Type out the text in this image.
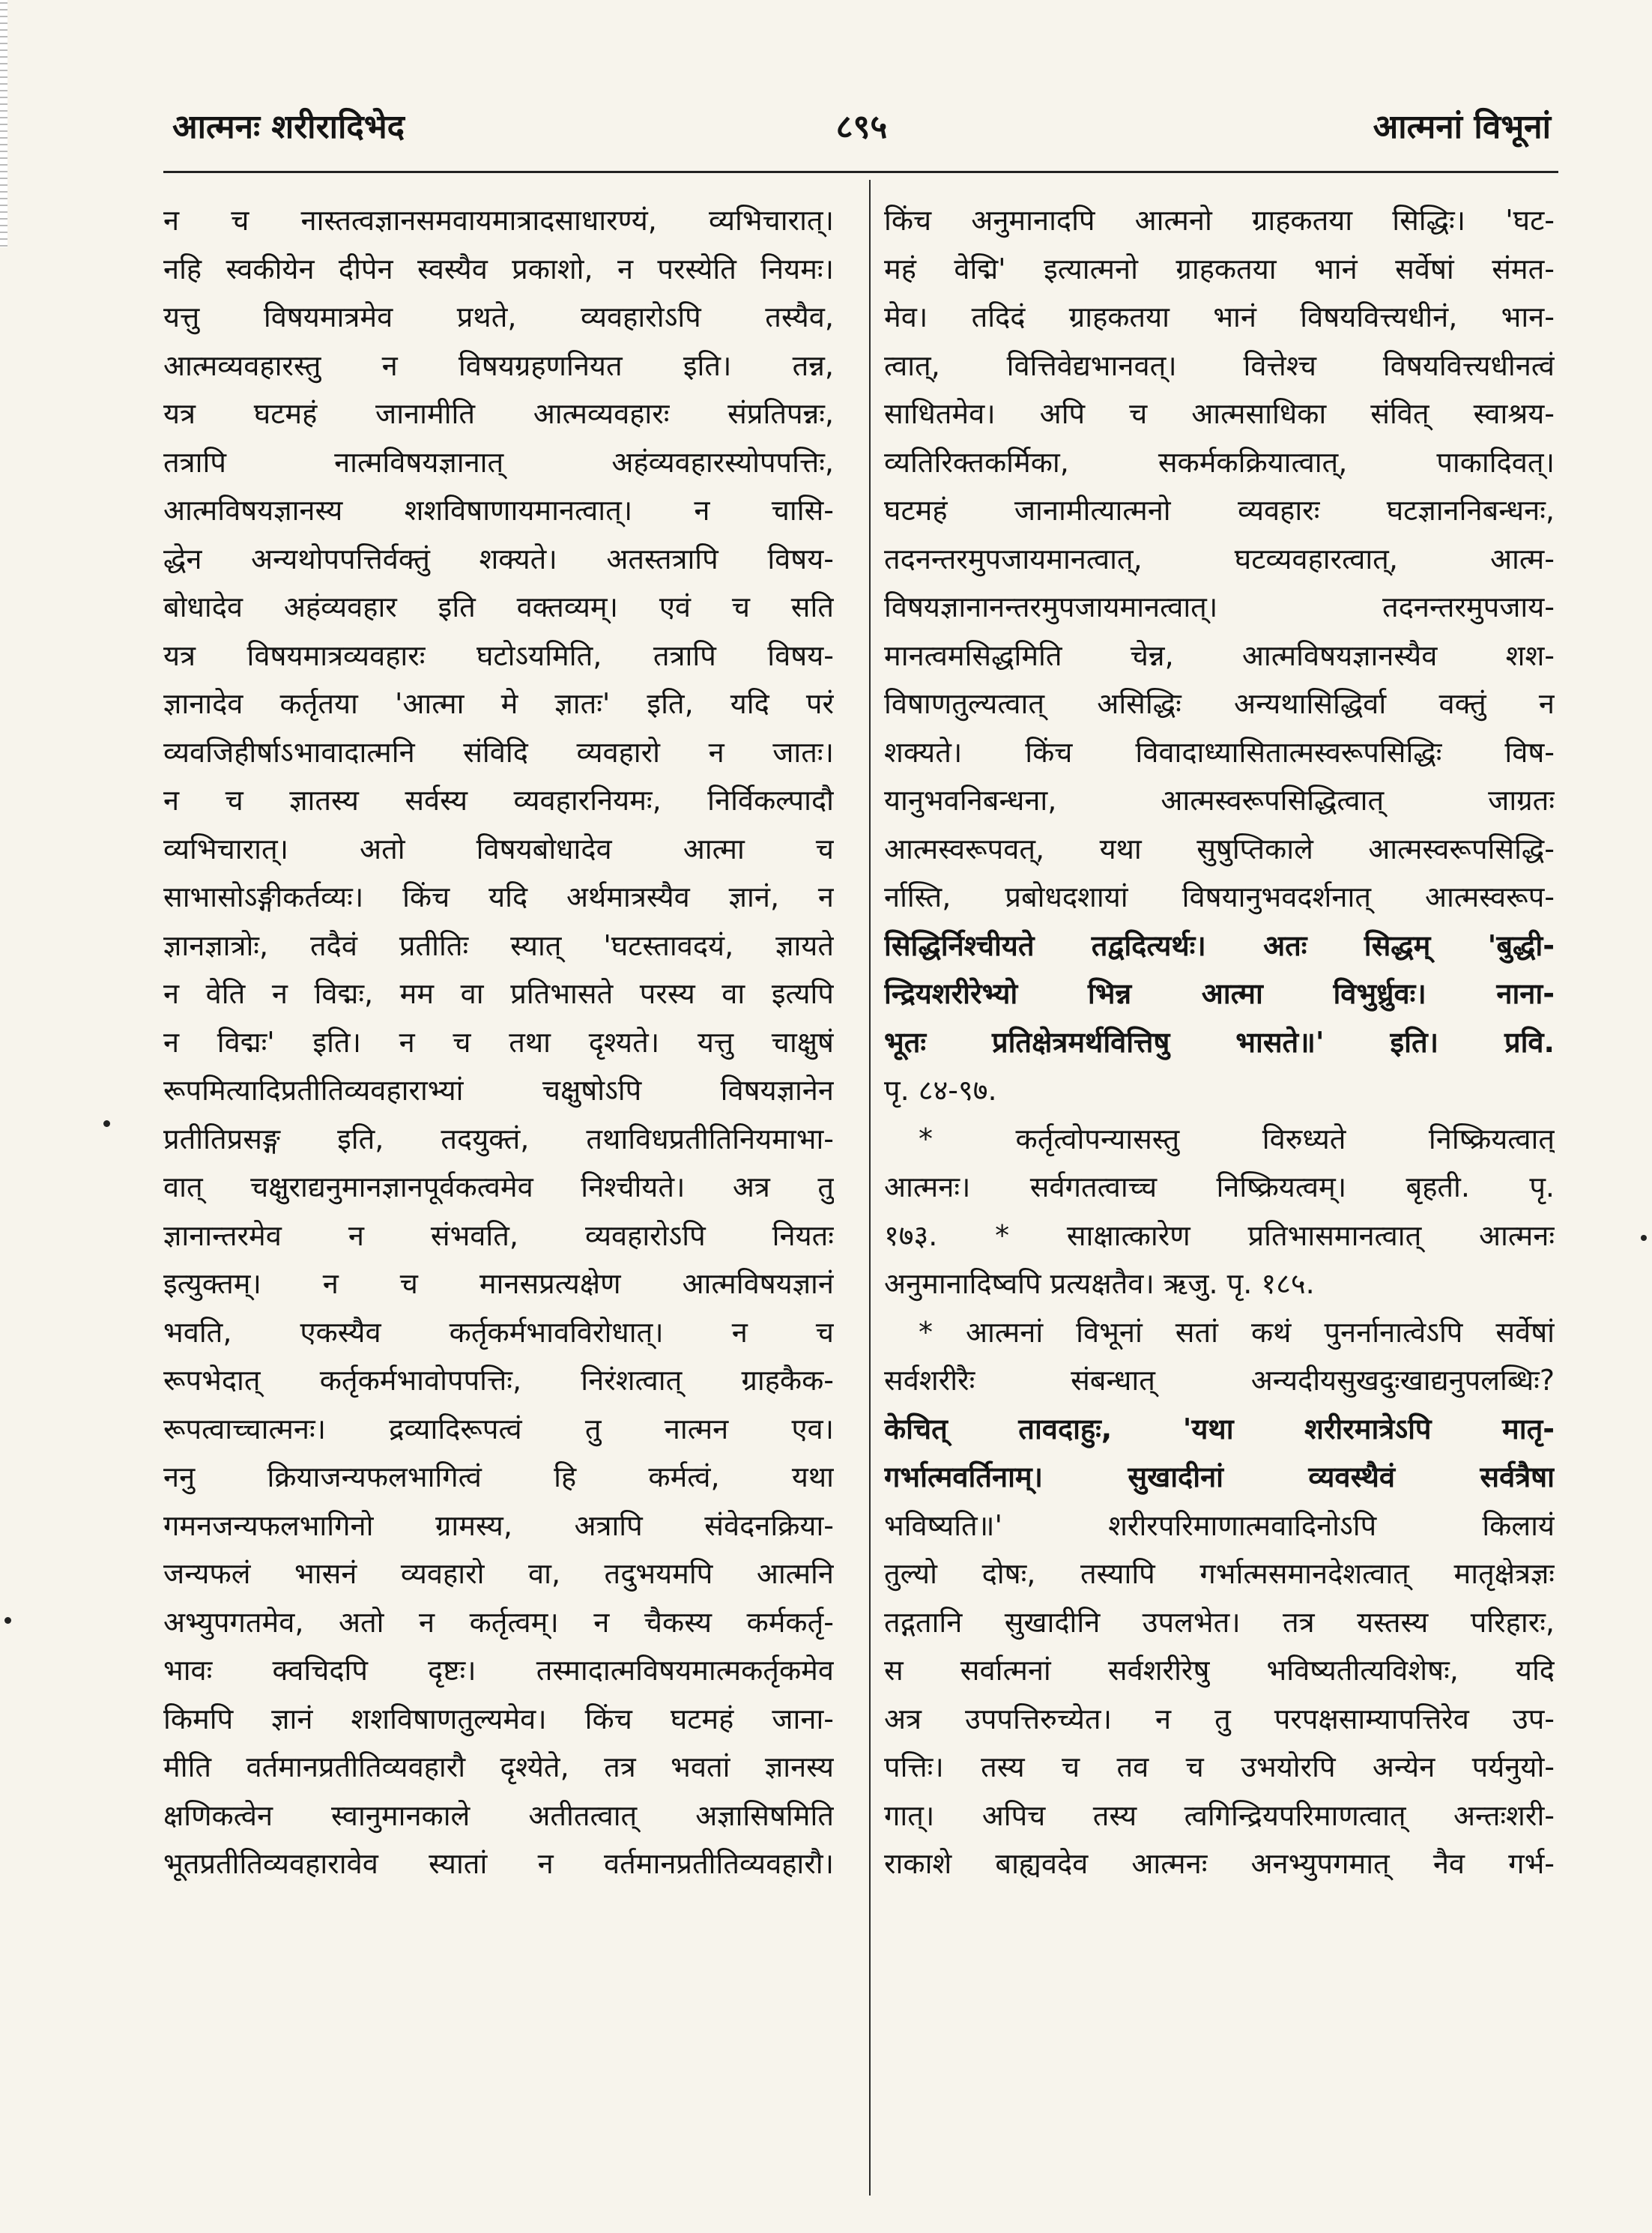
आत्मनः शरीरादिभेद	८९५	आत्मनां विभूनां
न च नास्तत्वज्ञानसमवायमात्रादसाधारण्यं, व्यभिचारात्।
नहि स्वकीयेन दीपेन स्वस्यैव प्रकाशो, न परस्येति नियमः।
यत्तु विषयमात्रमेव प्रथते, व्यवहारोऽपि तस्यैव,
आत्मव्यवहारस्तु न विषयग्रहणनियत इति। तन्न,
यत्र घटमहं जानामीति आत्मव्यवहारः संप्रतिपन्नः,
तत्रापि नात्मविषयज्ञानात् अहंव्यवहारस्योपपत्तिः,
आत्मविषयज्ञानस्य शशविषाणायमानत्वात्। न चासि-
द्धेन अन्यथोपपत्तिर्वक्तुं शक्यते। अतस्तत्रापि विषय-
बोधादेव अहंव्यवहार इति वक्तव्यम्। एवं च सति
यत्र विषयमात्रव्यवहारः घटोऽयमिति, तत्रापि विषय-
ज्ञानादेव कर्तृतया 'आत्मा मे ज्ञातः' इति, यदि परं
व्यवजिहीर्षाऽभावादात्मनि संविदि व्यवहारो न जातः।
न च ज्ञातस्य सर्वस्य व्यवहारनियमः, निर्विकल्पादौ
व्यभिचारात्। अतो विषयबोधादेव आत्मा च
साभासोऽङ्गीकर्तव्यः। किंच यदि अर्थमात्रस्यैव ज्ञानं, न
ज्ञानज्ञात्रोः, तदैवं प्रतीतिः स्यात् 'घटस्तावदयं, ज्ञायते
न वेति न विद्मः, मम वा प्रतिभासते परस्य वा इत्यपि
न विद्मः' इति। न च तथा दृश्यते। यत्तु चाक्षुषं
रूपमित्यादिप्रतीतिव्यवहाराभ्यां चक्षुषोऽपि विषयज्ञानेन
प्रतीतिप्रसङ्ग इति, तदयुक्तं, तथाविधप्रतीतिनियमाभा-
वात् चक्षुराद्यनुमानज्ञानपूर्वकत्वमेव निश्चीयते। अत्र तु
ज्ञानान्तरमेव न संभवति, व्यवहारोऽपि नियतः
इत्युक्तम्। न च मानसप्रत्यक्षेण आत्मविषयज्ञानं
भवति, एकस्यैव कर्तृकर्मभावविरोधात्। न च
रूपभेदात् कर्तृकर्मभावोपपत्तिः, निरंशत्वात् ग्राहकैक-
रूपत्वाच्चात्मनः। द्रव्यादिरूपत्वं तु नात्मन एव।
ननु क्रियाजन्यफलभागित्वं हि कर्मत्वं, यथा
गमनजन्यफलभागिनो ग्रामस्य, अत्रापि संवेदनक्रिया-
जन्यफलं भासनं व्यवहारो वा, तदुभयमपि आत्मनि
अभ्युपगतमेव, अतो न कर्तृत्वम्। न चैकस्य कर्मकर्तृ-
भावः क्वचिदपि दृष्टः। तस्मादात्मविषयमात्मकर्तृकमेव
किमपि ज्ञानं शशविषाणतुल्यमेव। किंच घटमहं जाना-
मीति वर्तमानप्रतीतिव्यवहारौ दृश्येते, तत्र भवतां ज्ञानस्य
क्षणिकत्वेन स्वानुमानकाले अतीतत्वात् अज्ञासिषमिति
भूतप्रतीतिव्यवहारावेव स्यातां न वर्तमानप्रतीतिव्यवहारौ।
किंच अनुमानादपि आत्मनो ग्राहकतया सिद्धिः। 'घट-
महं वेद्मि' इत्यात्मनो ग्राहकतया भानं सर्वेषां संमत-
मेव। तदिदं ग्राहकतया भानं विषयवित्त्यधीनं, भान-
त्वात्, वित्तिवेद्यभानवत्। वित्तेश्च विषयवित्त्यधीनत्वं
साधितमेव। अपि च आत्मसाधिका संवित् स्वाश्रय-
व्यतिरिक्तकर्मिका, सकर्मकक्रियात्वात्, पाकादिवत्।
घटमहं जानामीत्यात्मनो व्यवहारः घटज्ञाननिबन्धनः,
तदनन्तरमुपजायमानत्वात्, घटव्यवहारत्वात्, आत्म-
विषयज्ञानानन्तरमुपजायमानत्वात्। तदनन्तरमुपजाय-
मानत्वमसिद्धमिति चेन्न, आत्मविषयज्ञानस्यैव शश-
विषाणतुल्यत्वात् असिद्धिः अन्यथासिद्धिर्वा वक्तुं न
शक्यते। किंच विवादाध्यासितात्मस्वरूपसिद्धिः विष-
यानुभवनिबन्धना, आत्मस्वरूपसिद्धित्वात् जाग्रतः
आत्मस्वरूपवत्, यथा सुषुप्तिकाले आत्मस्वरूपसिद्धि-
र्नास्ति, प्रबोधदशायां विषयानुभवदर्शनात् आत्मस्वरूप-
सिद्धिर्निश्चीयते तद्वदित्यर्थः। अतः सिद्धम् 'बुद्धी-
न्द्रियशरीरेभ्यो भिन्न आत्मा विभुर्ध्रुवः। नाना-
भूतः प्रतिक्षेत्रमर्थवित्तिषु भासते॥' इति। प्रवि.
पृ. ८४-९७.
* कर्तृत्वोपन्यासस्तु विरुध्यते निष्क्रियत्वात्
आत्मनः। सर्वगतत्वाच्च निष्क्रियत्वम्। बृहती. पृ.
१७३. * साक्षात्कारेण प्रतिभासमानत्वात् आत्मनः
अनुमानादिष्वपि प्रत्यक्षतैव। ऋजु. पृ. १८५.
* आत्मनां विभूनां सतां कथं पुनर्नानात्वेऽपि सर्वेषां
सर्वशरीरैः संबन्धात् अन्यदीयसुखदुःखाद्यनुपलब्धिः?
केचित् तावदाहुः, 'यथा शरीरमात्रेऽपि मातृ-
गर्भात्मवर्तिनाम्। सुखादीनां व्यवस्थैवं सर्वत्रैषा
भविष्यति॥' शरीरपरिमाणात्मवादिनोऽपि किलायं
तुल्यो दोषः, तस्यापि गर्भात्मसमानदेशत्वात् मातृक्षेत्रज्ञः
तद्गतानि सुखादीनि उपलभेत। तत्र यस्तस्य परिहारः,
स सर्वात्मनां सर्वशरीरेषु भविष्यतीत्यविशेषः, यदि
अत्र उपपत्तिरुच्येत। न तु परपक्षसाम्यापत्तिरेव उप-
पत्तिः। तस्य च तव च उभयोरपि अन्येन पर्यनुयो-
गात्। अपिच तस्य त्वगिन्द्रियपरिमाणत्वात् अन्तःशरी-
राकाशे बाह्यवदेव आत्मनः अनभ्युपगमात् नैव गर्भ-
